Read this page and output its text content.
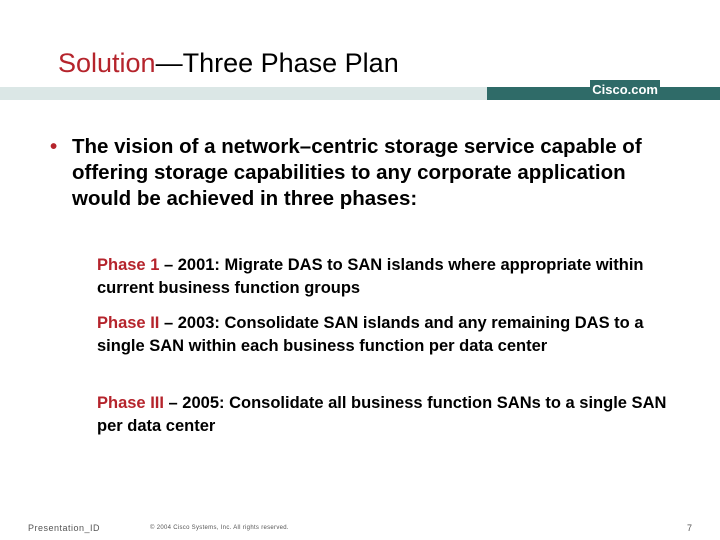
Solution—Three Phase Plan
Cisco.com
• The vision of a network–centric storage service capable of offering storage capabilities to any corporate application would be achieved in three phases:
Phase 1 – 2001: Migrate DAS to SAN islands where appropriate within current business function groups
Phase II – 2003: Consolidate SAN islands and any remaining DAS to a single SAN within each business function per data center
Phase III – 2005: Consolidate all business function SANs to a single SAN per data center
Presentation_ID	© 2004 Cisco Systems, Inc. All rights reserved.	7
